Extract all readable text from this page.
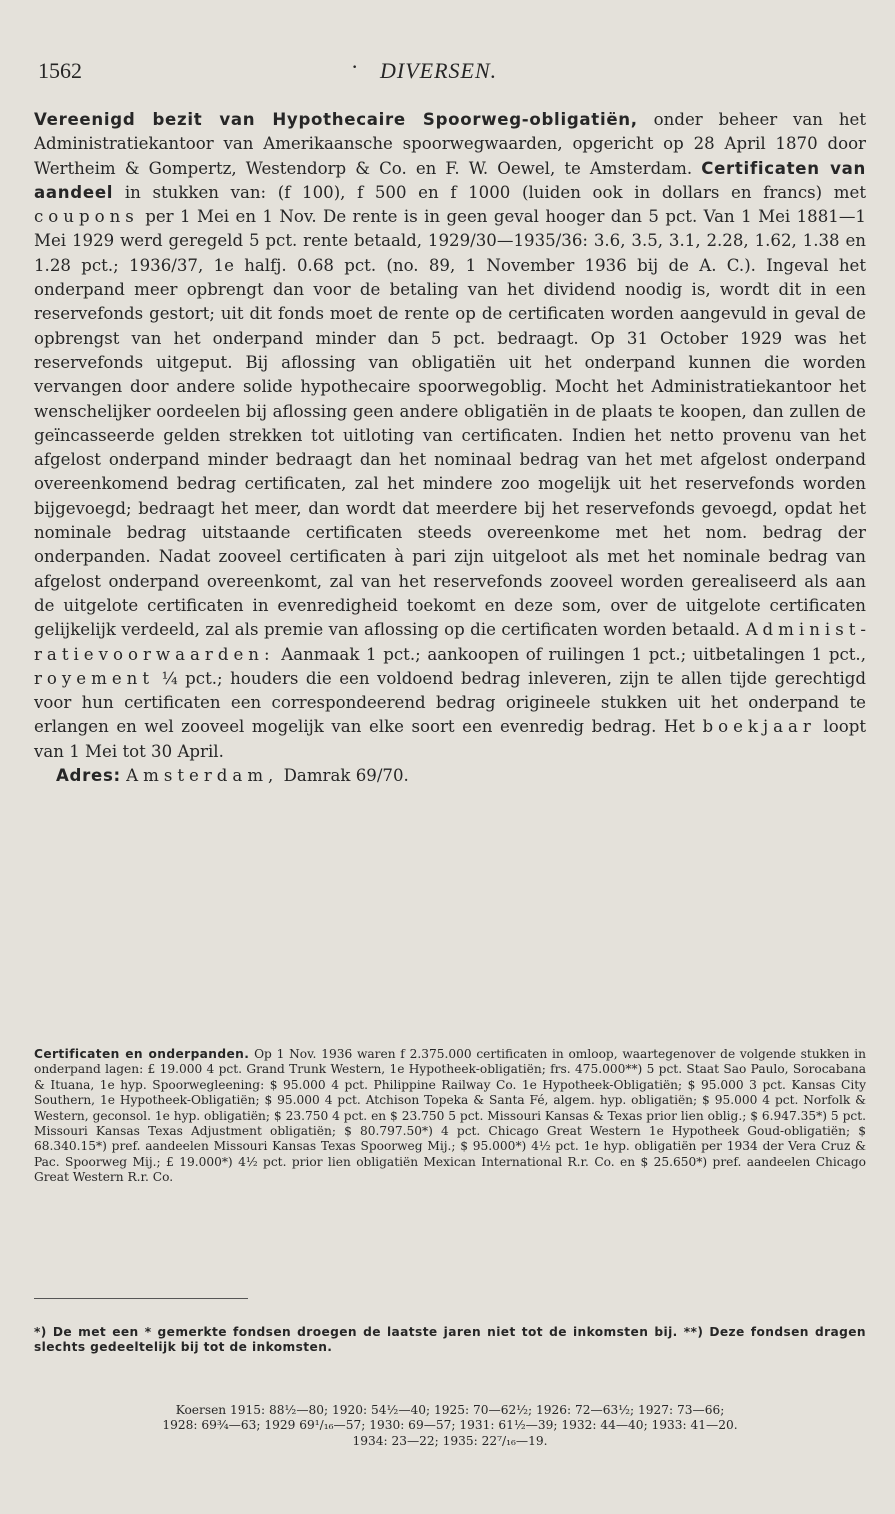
1562	· DIVERSEN.

Vereenigd bezit van Hypothecaire Spoorweg-obligatiën, onder beheer van het Administratiekantoor van Amerikaansche spoorwegwaarden, opgericht op 28 April 1870 door Wertheim & Gompertz, Westendorp & Co. en F. W. Oewel, te Amsterdam. Certificaten van aandeel in stukken van: (f 100), f 500 en f 1000 (luiden ook in dollars en francs) met coupons per 1 Mei en 1 Nov. De rente is in geen geval hooger dan 5 pct. Van 1 Mei 1881—1 Mei 1929 werd geregeld 5 pct. rente betaald, 1929/30—1935/36: 3.6, 3.5, 3.1, 2.28, 1.62, 1.38 en 1.28 pct.; 1936/37, 1e halfj. 0.68 pct. (no. 89, 1 November 1936 bij de A. C.). Ingeval het onderpand meer opbrengt dan voor de betaling van het dividend noodig is, wordt dit in een reservefonds gestort; uit dit fonds moet de rente op de certificaten worden aangevuld in geval de opbrengst van het onderpand minder dan 5 pct. bedraagt. Op 31 October 1929 was het reservefonds uitgeput. Bij aflossing van obligatiën uit het onderpand kunnen die worden vervangen door andere solide hypothecaire spoorwegoblig. Mocht het Administratiekantoor het wenschelijker oordeelen bij aflossing geen andere obligatiën in de plaats te koopen, dan zullen de geïncasseerde gelden strekken tot uitloting van certificaten. Indien het netto provenu van het afgelost onderpand minder bedraagt dan het nominaal bedrag van het met afgelost onderpand overeenkomend bedrag certificaten, zal het mindere zoo mogelijk uit het reservefonds worden bijgevoegd; bedraagt het meer, dan wordt dat meerdere bij het reservefonds gevoegd, opdat het nominale bedrag uitstaande certificaten steeds overeenkome met het nom. bedrag der onderpanden. Nadat zooveel certificaten à pari zijn uitgeloot als met het nominale bedrag van afgelost onderpand overeenkomt, zal van het reservefonds zooveel worden gerealiseerd als aan de uitgelote certificaten in evenredigheid toekomt en deze som, over de uitgelote certificaten gelijkelijk verdeeld, zal als premie van aflossing op die certificaten worden betaald. Administratievoorwaarden: Aanmaak 1 pct.; aankoopen of ruilingen 1 pct.; uitbetalingen 1 pct., royement ¼ pct.; houders die een voldoend bedrag inleveren, zijn te allen tijde gerechtigd voor hun certificaten een correspondeerend bedrag origineele stukken uit het onderpand te erlangen en wel zooveel mogelijk van elke soort een evenredig bedrag. Het boekjaar loopt van 1 Mei tot 30 April.
Adres: Amsterdam, Damrak 69/70.

Certificaten en onderpanden. Op 1 Nov. 1936 waren f 2.375.000 certificaten in omloop, waartegenover de volgende stukken in onderpand lagen: £ 19.000 4 pct. Grand Trunk Western, 1e Hypotheek-obligatiën; frs. 475.000**) 5 pct. Staat Sao Paulo, Sorocabana & Ituana, 1e hyp. Spoorwegleening: $ 95.000 4 pct. Philippine Railway Co. 1e Hypotheek-Obligatiën; $ 95.000 3 pct. Kansas City Southern, 1e Hypotheek-Obligatiën; $ 95.000 4 pct. Atchison Topeka & Santa Fé, algem. hyp. obligatiën; $ 95.000 4 pct. Norfolk & Western, geconsol. 1e hyp. obligatiën; $ 23.750 4 pct. en $ 23.750 5 pct. Missouri Kansas & Texas prior lien oblig.; $ 6.947.35*) 5 pct. Missouri Kansas Texas Adjustment obligatiën; $ 80.797.50*) 4 pct. Chicago Great Western 1e Hypotheek Goud-obligatiën; $ 68.340.15*) pref. aandeelen Missouri Kansas Texas Spoorweg Mij.; $ 95.000*) 4½ pct. 1e hyp. obligatiën per 1934 der Vera Cruz & Pac. Spoorweg Mij.; £ 19.000*) 4½ pct. prior lien obligatiën Mexican International R.r. Co. en $ 25.650*) pref. aandeelen Chicago Great Western R.r. Co.

*) De met een * gemerkte fondsen droegen de laatste jaren niet tot de inkomsten bij. **) Deze fondsen dragen slechts gedeeltelijk bij tot de inkomsten.

Koersen 1915: 88½—80; 1920: 54½—40; 1925: 70—62½; 1926: 72—63½; 1927: 73—66;

1928: 69¾—63; 1929 69¹/₁₆—57; 1930: 69—57; 1931: 61½—39; 1932: 44—40; 1933: 41—20.

1934: 23—22; 1935: 22⁷/₁₆—19.
